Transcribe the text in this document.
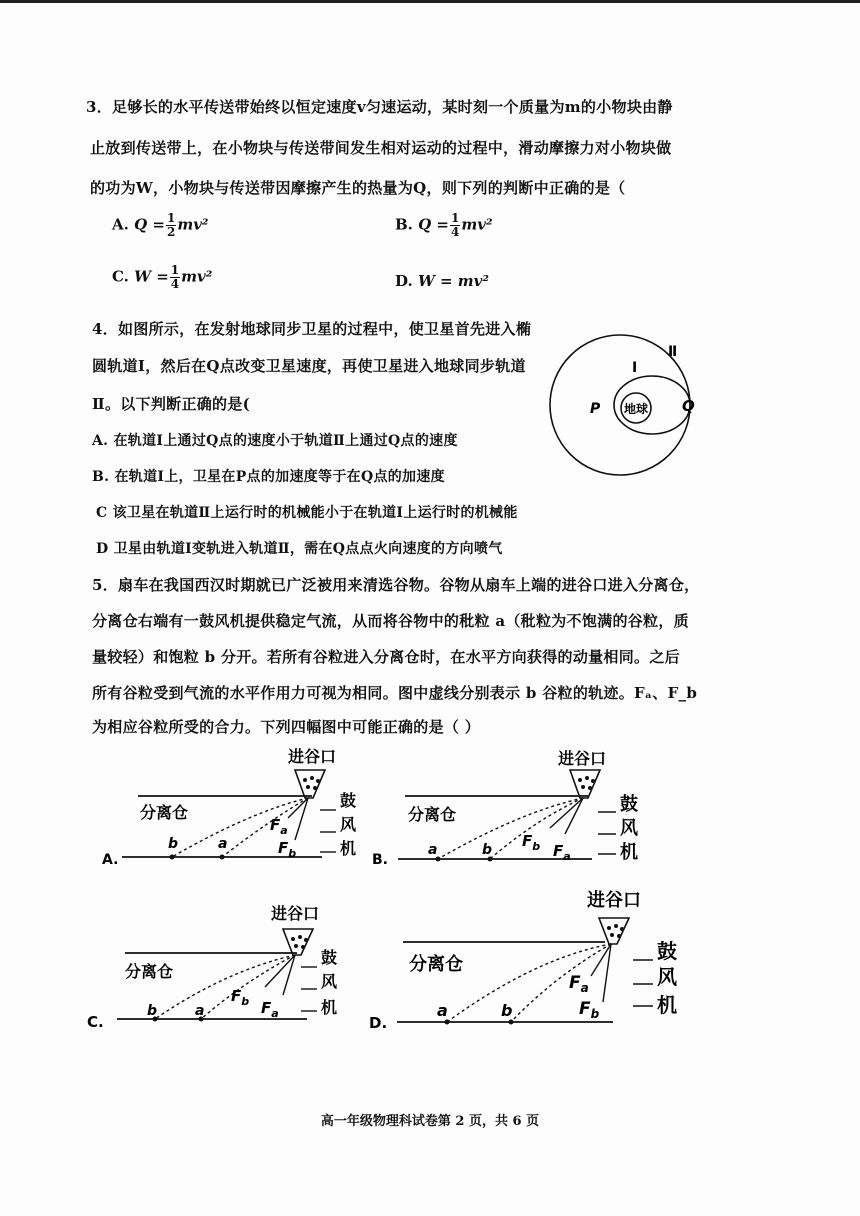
3．足够长的水平传送带始终以恒定速度v匀速运动，某时刻一个质量为m的小物块由静
止放到传送带上，在小物块与传送带间发生相对运动的过程中，滑动摩擦力对小物块做
的功为W，小物块与传送带因摩擦产生的热量为Q，则下列的判断中正确的是（
A. $Q = \frac{1}{2} mv^2$	B. $Q = \frac{1}{4} mv^2$
C. $W = \frac{1}{4} mv^2$	D. W = mv²
4．如图所示，在发射地球同步卫星的过程中，使卫星首先进入椭
圆轨道Ⅰ，然后在Q点改变卫星速度，再使卫星进入地球同步轨道
Ⅱ。以下判断正确的是(
A. 在轨道Ⅰ上通过Q点的速度小于轨道Ⅱ上通过Q点的速度
B. 在轨道Ⅰ上，卫星在P点的加速度等于在Q点的加速度
C 该卫星在轨道Ⅱ上运行时的机械能小于在轨道Ⅰ上运行时的机械能
D 卫星由轨道Ⅰ变轨进入轨道Ⅱ，需在Q点点火向速度的方向喷气
地球
P	Q
Ⅰ
Ⅱ
5．扇车在我国西汉时期就已广泛被用来清选谷物。谷物从扇车上端的进谷口进入分离仓，
分离仓右端有一鼓风机提供稳定气流，从而将谷物中的秕粒 a（秕粒为不饱满的谷粒，质
量较轻）和饱粒 b 分开。若所有谷粒进入分离仓时，在水平方向获得的动量相同。之后
所有谷粒受到气流的水平作用力可视为相同。图中虚线分别表示 b 谷粒的轨迹。Fₐ、F_b
为相应谷粒所受的合力。下列四幅图中可能正确的是（ ）
进谷口
分离仓
$F_a$
$F_b$
b	a
鼓
风
机
A.
进谷口
分离仓
$F_b$ $F_a$
a	b
鼓
风
机
B.
进谷口
分离仓
$F_b$ $F_a$
b	a
鼓
风
机
C.
进谷口
分离仓
$F_a$
$F_b$
a	b
鼓
风
机
D.
高一年级物理科试卷第 2 页，共 6 页
